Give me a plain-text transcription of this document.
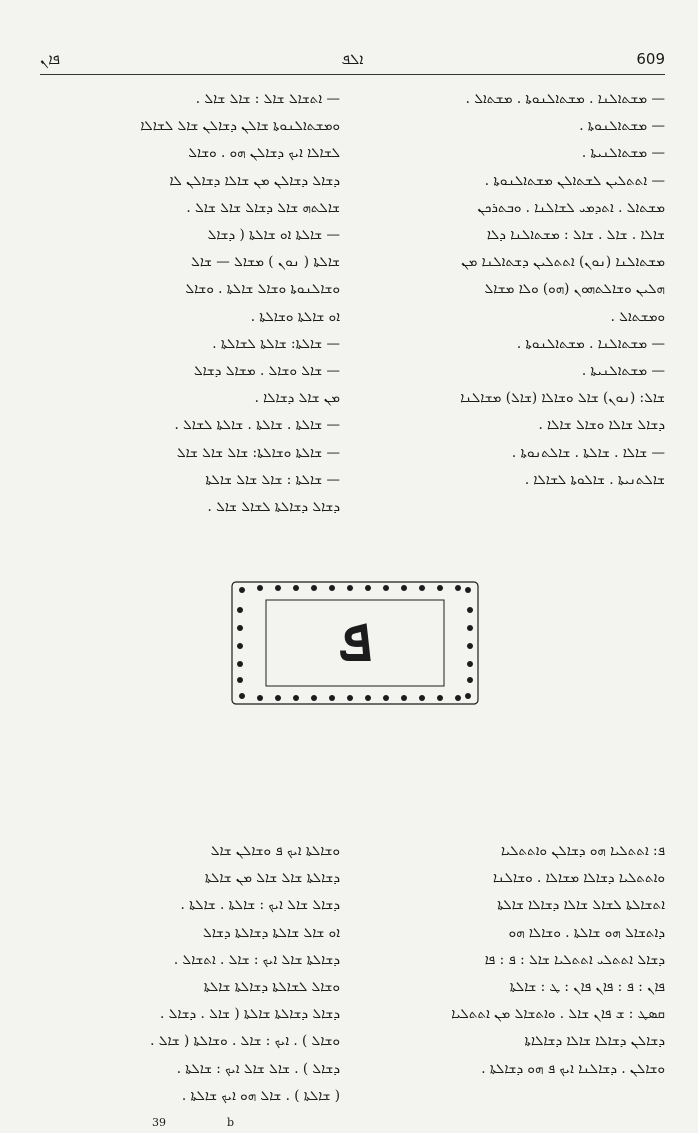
ܦܐܢ	ܐܠܦ	609
— ܡܫܬܐܠܢܐ . ܡܫܬܐܠܢܘܬܐ . ܡܫܬܐܠ .
— ܡܫܬܐܠܢܘܬܐ .
— ܡܫܬܐܠܢܝܬܐ .
— ܐܬܬܠܝܢ ܠܫܬܐܠܢ ܡܫܬܐܠܢܘܬܐ .
ܡܫܬܐܠ . ܐܬܕܡܝ ܠܫܐܠܢܐ . ܘܒܬܪܟܢ
ܫܐܠܐ . ܫܐܠ . ܫܐܠ : ܡܫܬܐܠܢܐ ܕܠܐ
ܡܫܬܐܠܢܐ (ܢܘܢ) ܐܬܬܠܝܢ ܕܫܬܐܠܢܐ ܡܢ
ܗܠܝܢ ܘܫܐܠܬܗܘܢ (ܗܘ) ܘܠܐ ܡܫܐܠ
ܘܡܫܬܐܠ .
— ܡܫܬܐܠܢܐ . ܡܫܬܐܠܢܘܬܐ .
— ܡܫܬܐܠܢܝܬܐ .
ܫܐܠ: (ܢܘܢ) ܫܐܠ ܘܫܐܠܐ (ܫܐܠ) ܡܫܐܠܢܐ
ܕܫܐܠ ܫܐܠܐ ܘܫܐܠ ܫܐܠܐ .
— ܫܐܠܐ . ܫܐܠܬܐ . ܫܐܠܬܢܘܬܐ .
ܫܐܠܬܢܝܬܐ . ܫܐܠܘܬܐ ܠܫܐܠܐ .
— ܐܬܫܐܠ ܫܐܠ : ܫܐܠ ܫܐܠ .
ܘܡܫܬܐܠܢܘܬܐ ܫܐܠܢ ܕܫܐܠܢ ܫܐܠ ܠܫܐܠܐ
ܠܫܐܠܐ ܐܝܟ ܕܫܐܠܢ ܗܘ . ܘܫܐܠ
ܕܫܐܠ ܕܫܐܠܢ ܡܢ ܫܐܠܐ ܕܫܐܠܢ ܠܐ
ܫܐܠܬܗ ܫܐܠ ܕܫܐܠ ܫܐܠ ܫܐܠ .
— ܫܐܠܬܐ ܐܘ ܫܐܠܬܐ ( ܕܫܐܠ
ܫܐܠܬܐ ( ܢܘܢ ) ܡܫܐܠ — ܫܐܠ
ܘܫܐܠܢܘܬܐ ܘܫܐܠ ܫܐܠܬܐ . ܘܫܐܠ
ܐܘ ܫܐܠܬܐ ܘܫܐܠܬܐ .
— ܫܐܠܬܐ: ܫܐܠܬܐ ܠܫܐܠܬܐ .
— ܫܐܠ ܘܫܐܠ . ܡܫܐܠ ܕܫܐܠ
ܡܢ ܫܐܠ ܕܫܐܠܐ .
— ܫܐܠܬܐ . ܫܐܠܬܐ . ܫܐܠܬܐ ܠܫܐܠ .
— ܫܐܠܬܐ ܘܫܐܠܬܐ: ܫܐܠ ܫܐܠ ܫܐܠ
— ܫܐܠܬܐ : ܫܐܠ ܫܐܠ ܫܐܠܬܐ
ܕܫܐܠ ܕܫܐܠܬܐ ܠܫܐܠ ܫܐܠ .
ܦ
ܦ: ܐܬܬܠܝܐ ܗܘ ܕܫܐܠܢ ܘܐܬܬܠܝܐ
ܘܐܬܬܠܝܐ ܕܫܐܠܐ ܡܫܐܠܐ . ܘܫܐܠܢܐ
ܐܬܫܐܠܬܐ ܠܫܐܠ ܫܐܠܐ ܕܫܐܠܐ ܫܐܠܬܐ
ܕܐܬܫܐܠ ܗܘ ܫܐܠܬܐ . ܘܫܐܠܐ ܗܘ
ܕܫܐܠ ܐܬܬܠܝ ܐܬܬܠܝܐ ܫܐܠ : ܦ : ܦܐ
ܦܐܢ : ܦ : ܦܐܢ ܦܐܢ : ܛ : ܫܐܠܬܐ
ܩܣܛ : ܫ ܦܐܢ ܫܐܠ . ܘܐܬܫܐܠ ܡܢ ܐܬܬܠܝܐ
ܕܫܐܠܢ ܕܫܐܠܐ ܫܐܠܐ ܕܫܐܠܐܬܐ
ܘܫܐܠܢ . ܕܫܐܠܢܐ ܐܝܟ ܦ ܗܘ ܕܫܐܠܬܐ .
ܘܫܐܠܬܐ ܐܝܟ ܦ ܘܫܐܠܢ ܫܐܠ
ܕܫܐܠܬܐ ܫܐܠ ܫܐܠ ܡܢ ܫܐܠܬܐ
ܕܫܐܠ ܫܐܠ ܐܝܟ : ܫܐܠܬܐ . ܫܐܠܬܐ .
ܐܘ ܫܐܠ ܫܐܠܬܐ ܕܫܐܠܬܐ ܕܫܐܠ
ܕܫܐܠܬܐ ܫܐܠ ܐܝܟ : ܫܐܠ . ܐܬܫܐܠ .
ܘܫܐܠ ܠܫܐܠܬܐ ܕܫܐܠܬܐ ܫܐܠܬܐ
ܕܫܐܠ ܕܫܐܠܬܐ ܫܐܠܬܐ ( ܫܐܠ . ܕܫܐܠ .
ܘܫܐܠ ) . ܐܝܟ : ܫܐܠ . ܘܫܐܠܬܐ ( ܫܐܠ .
ܕܫܐܠ ) . ܫܐܠ ܫܐܠ ܐܝܟ : ܫܐܠܬܐ .
( ܫܐܠܬܐ ) . ܫܐܠ ܗܘ ܐܝܟ ܫܐܠܬܐ .
39	b
